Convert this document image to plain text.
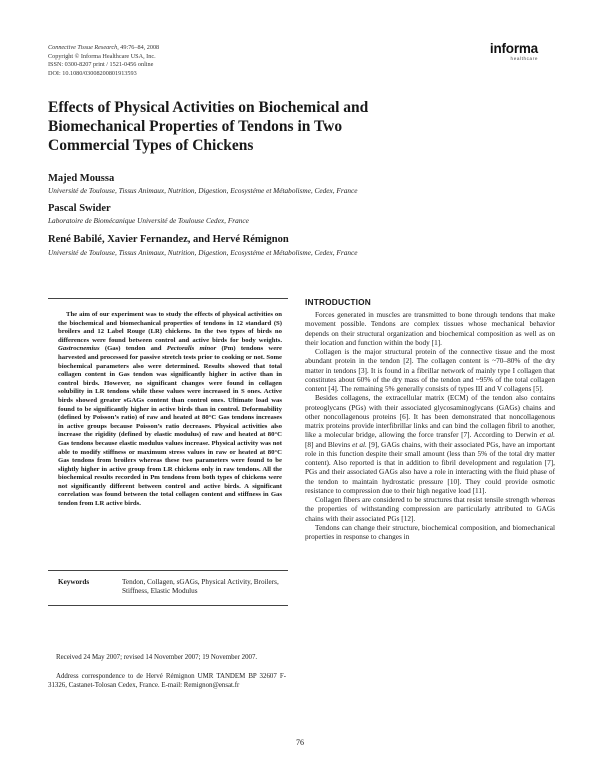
Connective Tissue Research, 49:76–84, 2008
Copyright © Informa Healthcare USA, Inc.
ISSN: 0300-8207 print / 1521-0456 online
DOI: 10.1080/03008200801913593
informa
healthcare
Effects of Physical Activities on Biochemical and Biomechanical Properties of Tendons in Two Commercial Types of Chickens
Majed Moussa
Université de Toulouse, Tissus Animaux, Nutrition, Digestion, Ecosystéme et Métabolisme, Cedex, France
Pascal Swider
Laboratoire de Biomécanique Université de Toulouse Cedex, France
René Babilé, Xavier Fernandez, and Hervé Rémignon
Université de Toulouse, Tissus Animaux, Nutrition, Digestion, Ecosystéme et Métabolisme, Cedex, France
The aim of our experiment was to study the effects of physical activities on the biochemical and biomechanical properties of tendons in 12 standard (S) broilers and 12 Label Rouge (LR) chickens. In the two types of birds no differences were found between control and active birds for body weights. Gastrocnemius (Gas) tendon and Pectoralis minor (Pm) tendons were harvested and processed for passive stretch tests prior to cooking or not. Some biochemical parameters also were determined. Results showed that total collagen content in Gas tendon was significantly higher in active than in control birds. However, no significant changes were found in collagen solubility in LR tendons while these values were increased in S ones. Active birds showed greater sGAGs content than control ones. Ultimate load was found to be significantly higher in active birds than in control. Deformability (defined by Poisson’s ratio) of raw and heated at 80°C Gas tendons increases in active groups because Poisson’s ratio decreases. Physical activities also increase the rigidity (defined by elastic modulus) of raw and heated at 80°C Gas tendons because elastic modulus values increase. Physical activity was not able to modify stiffness or maximum stress values in raw or heated at 80°C Gas tendons from broilers whereas these two parameters were found to be slightly higher in active group from LR chickens only in raw tendons. All the biochemical results recorded in Pm tendons from both types of chickens were not significantly different between control and active birds. A significant correlation was found between the total collagen content and stiffness in Gas tendon from LR active birds.
Keywords	Tendon, Collagen, sGAGs, Physical Activity, Broilers, Stiffness, Elastic Modulus
Received 24 May 2007; revised 14 November 2007; 19 November 2007.
Address correspondence to de Hervé Rémignon UMR TANDEM BP 32607 F-31326, Castanet-Tolosan Cedex, France. E-mail: Remignon@ensat.fr
INTRODUCTION

Forces generated in muscles are transmitted to bone through tendons that make movement possible. Tendons are complex tissues whose mechanical behavior depends on their structural organization and biochemical composition as well as on their location and function within the body [1].

Collagen is the major structural protein of the connective tissue and the most abundant protein in the tendon [2]. The collagen content is ~70–80% of the dry matter in tendons [3]. It is found in a fibrillar network of mainly type I collagen that constitutes about 60% of the dry mass of the tendon and ~95% of the total collagen content [4]. The remaining 5% generally consists of types III and V collagens [5].

Besides collagens, the extracellular matrix (ECM) of the tendon also contains proteoglycans (PGs) with their associated glycosaminoglycans (GAGs) chains and other noncollagenous proteins [6]. It has been demonstrated that noncollagenous matrix proteins provide interfibrillar links and can bind the collagen fibril to another, like a molecular bridge, allowing the force transfer [7]. According to Derwin et al. [8] and Blevins et al. [9], GAGs chains, with their associated PGs, have an important role in this function despite their small amount (less than 5% of the total dry matter content). Also reported is that in addition to fibril development and regulation [7], PGs and their associated GAGs also have a role in interacting with the fluid phase of the tendon to maintain hydrostatic pressure [10]. They could provide osmotic resistance to compression due to their high negative load [11].

Collagen fibers are considered to be structures that resist tensile strength whereas the properties of withstanding compression are particularly attributed to GAGs chains with their associated PGs [12].

Tendons can change their structure, biochemical composition, and biomechanical properties in response to changes in

76
